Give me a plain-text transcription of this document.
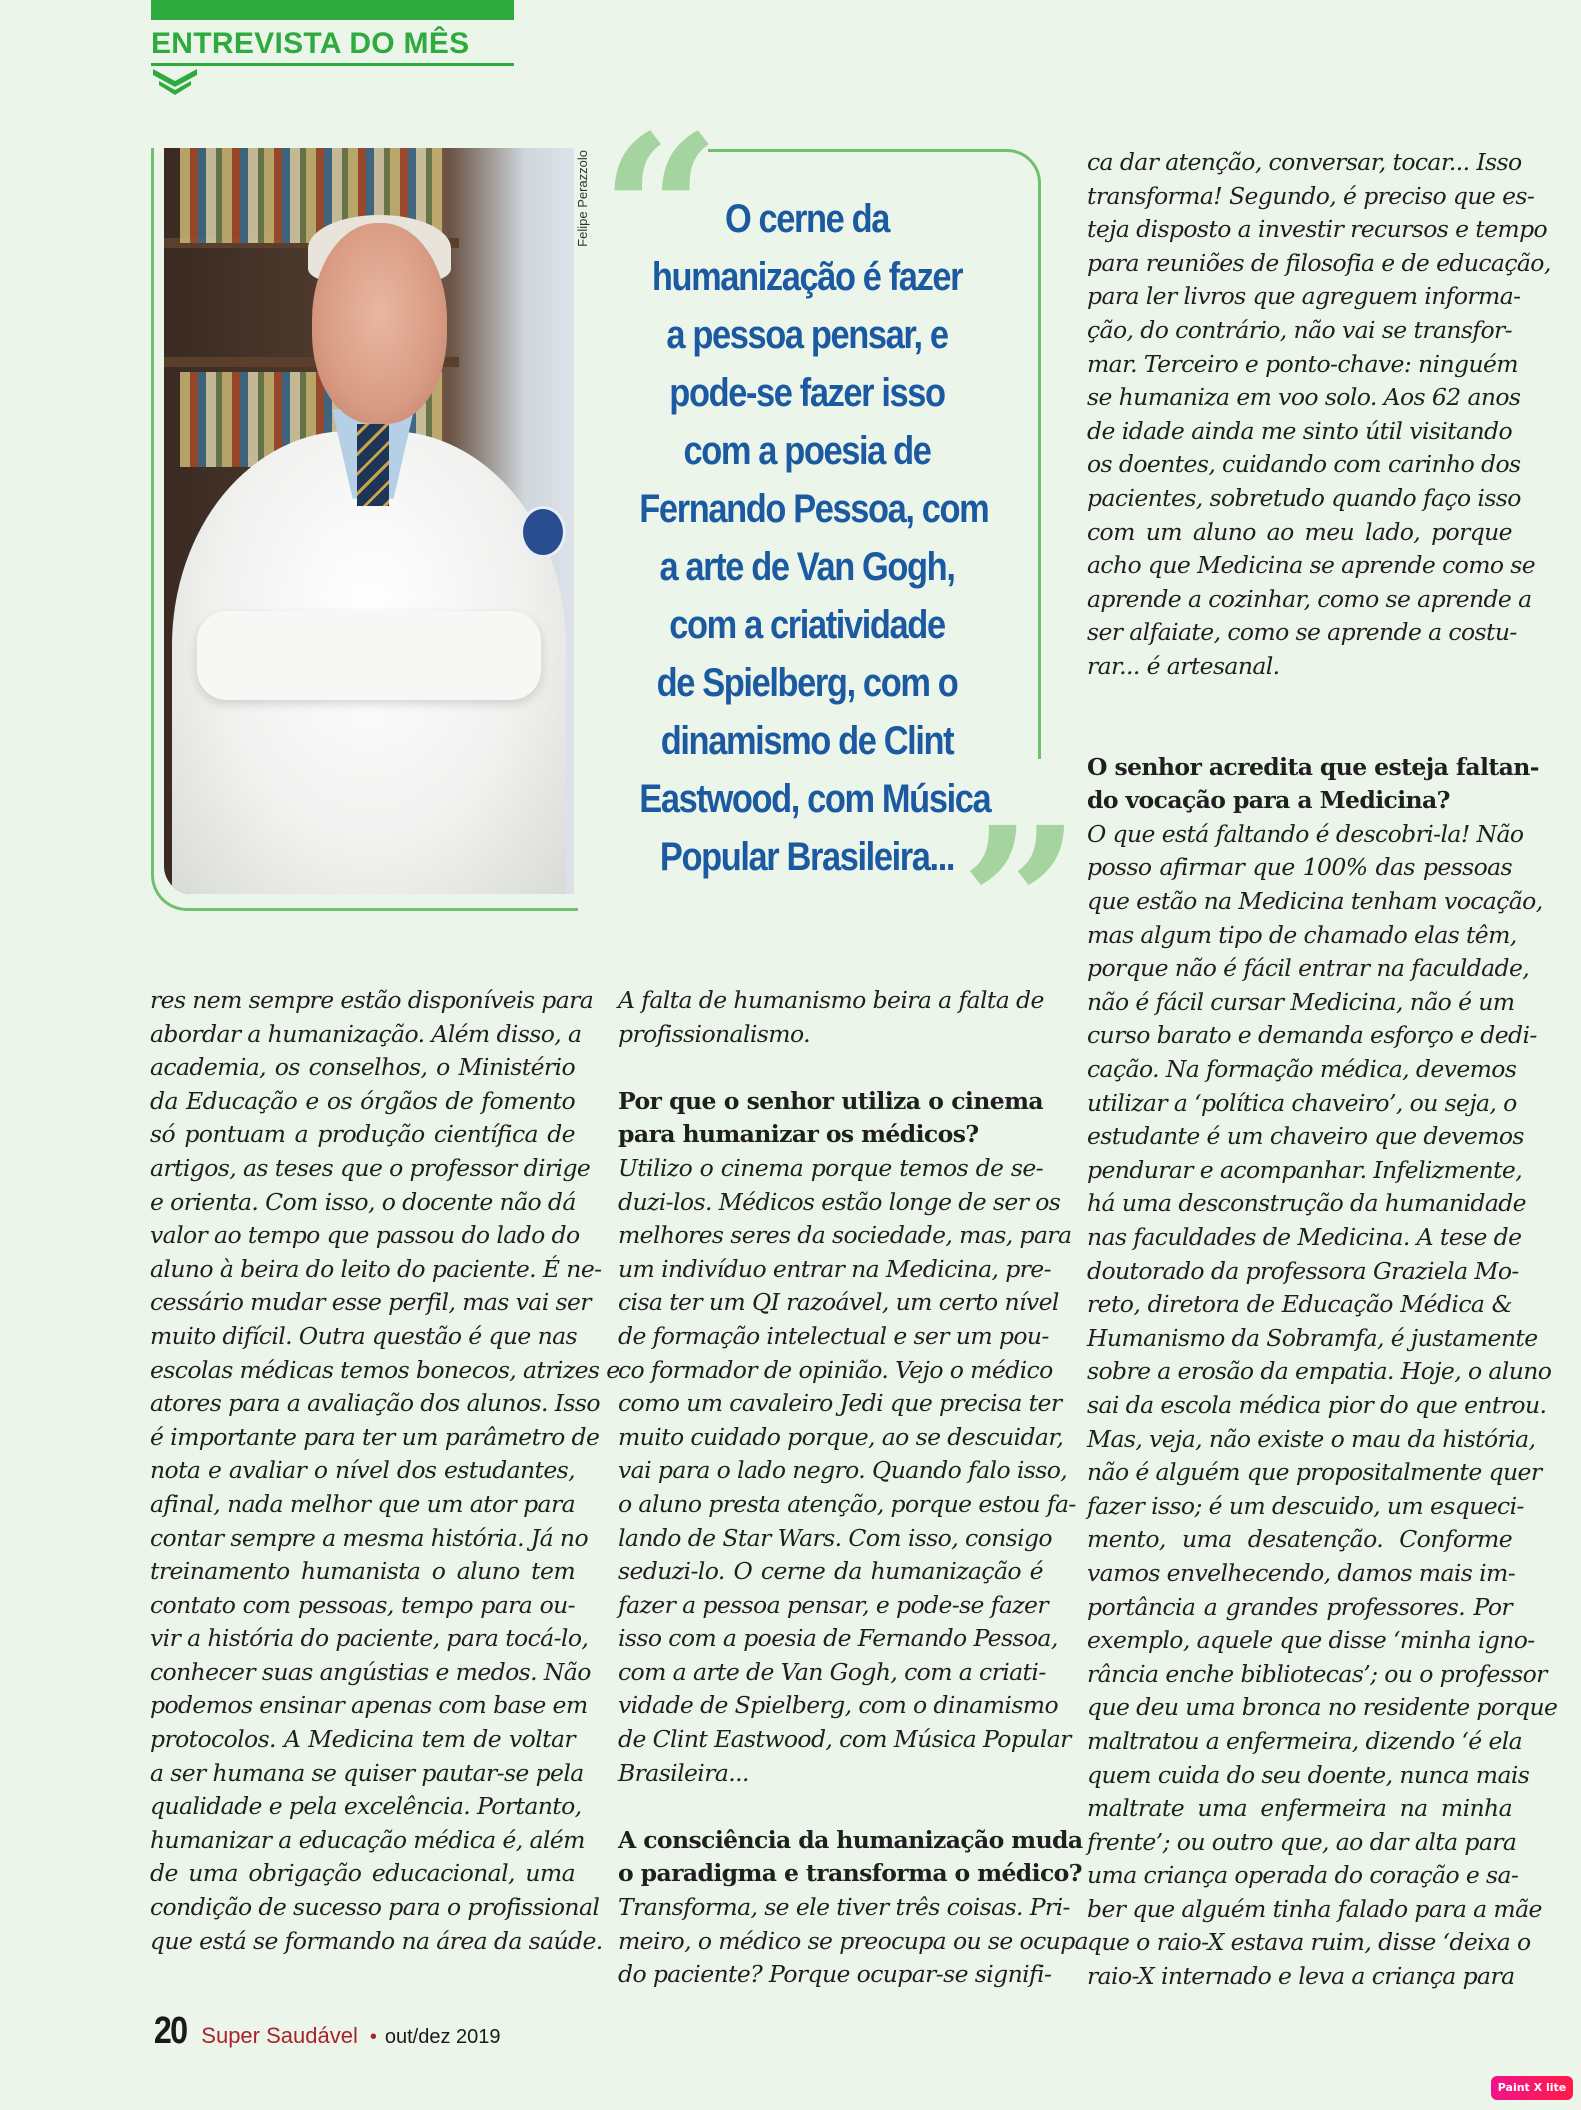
ENTREVISTA DO MÊS
Felipe Perazzolo “ O cerne da
humanização é fazer
a pessoa pensar, e
pode-se fazer isso
com a poesia de
Fernando Pessoa, com
a arte de Van Gogh,
com a criatividade
de Spielberg, com o
dinamismo de Clint
Eastwood, com Música
Popular Brasileira... ”
res nem sempre estão disponíveis para
abordar a humanização. Além disso, a
academia, os conselhos, o Ministério
da Educação e os órgãos de fomento
só pontuam a produção científica de
artigos, as teses que o professor dirige
e orienta. Com isso, o docente não dá
valor ao tempo que passou do lado do
aluno à beira do leito do paciente. É ne-
cessário mudar esse perfil, mas vai ser
muito difícil. Outra questão é que nas
escolas médicas temos bonecos, atrizes e
atores para a avaliação dos alunos. Isso
é importante para ter um parâmetro de
nota e avaliar o nível dos estudantes,
afinal, nada melhor que um ator para
contar sempre a mesma história. Já no
treinamento humanista o aluno tem
contato com pessoas, tempo para ou-
vir a história do paciente, para tocá-lo,
conhecer suas angústias e medos. Não
podemos ensinar apenas com base em
protocolos. A Medicina tem de voltar
a ser humana se quiser pautar-se pela
qualidade e pela excelência. Portanto,
humanizar a educação médica é, além
de uma obrigação educacional, uma
condição de sucesso para o profissional
que está se formando na área da saúde.
A falta de humanismo beira a falta de
profissionalismo.
Por que o senhor utiliza o cinema
para humanizar os médicos?
Utilizo o cinema porque temos de se-
duzi-los. Médicos estão longe de ser os
melhores seres da sociedade, mas, para
um indivíduo entrar na Medicina, pre-
cisa ter um QI razoável, um certo nível
de formação intelectual e ser um pou-
co formador de opinião. Vejo o médico
como um cavaleiro Jedi que precisa ter
muito cuidado porque, ao se descuidar,
vai para o lado negro. Quando falo isso,
o aluno presta atenção, porque estou fa-
lando de Star Wars. Com isso, consigo
seduzi-lo. O cerne da humanização é
fazer a pessoa pensar, e pode-se fazer
isso com a poesia de Fernando Pessoa,
com a arte de Van Gogh, com a criati-
vidade de Spielberg, com o dinamismo
de Clint Eastwood, com Música Popular
Brasileira...
A consciência da humanização muda
o paradigma e transforma o médico?
Transforma, se ele tiver três coisas. Pri-
meiro, o médico se preocupa ou se ocupa
do paciente? Porque ocupar-se signifi-
ca dar atenção, conversar, tocar... Isso
transforma! Segundo, é preciso que es-
teja disposto a investir recursos e tempo
para reuniões de filosofia e de educação,
para ler livros que agreguem informa-
ção, do contrário, não vai se transfor-
mar. Terceiro e ponto-chave: ninguém
se humaniza em voo solo. Aos 62 anos
de idade ainda me sinto útil visitando
os doentes, cuidando com carinho dos
pacientes, sobretudo quando faço isso
com um aluno ao meu lado, porque
acho que Medicina se aprende como se
aprende a cozinhar, como se aprende a
ser alfaiate, como se aprende a costu-
rar... é artesanal.
O senhor acredita que esteja faltan-
do vocação para a Medicina?
O que está faltando é descobri-la! Não
posso afirmar que 100% das pessoas
que estão na Medicina tenham vocação,
mas algum tipo de chamado elas têm,
porque não é fácil entrar na faculdade,
não é fácil cursar Medicina, não é um
curso barato e demanda esforço e dedi-
cação. Na formação médica, devemos
utilizar a ‘política chaveiro’, ou seja, o
estudante é um chaveiro que devemos
pendurar e acompanhar. Infelizmente,
há uma desconstrução da humanidade
nas faculdades de Medicina. A tese de
doutorado da professora Graziela Mo-
reto, diretora de Educação Médica &
Humanismo da Sobramfa, é justamente
sobre a erosão da empatia. Hoje, o aluno
sai da escola médica pior do que entrou.
Mas, veja, não existe o mau da história,
não é alguém que propositalmente quer
fazer isso; é um descuido, um esqueci-
mento, uma desatenção. Conforme
vamos envelhecendo, damos mais im-
portância a grandes professores. Por
exemplo, aquele que disse ‘minha igno-
rância enche bibliotecas’; ou o professor
que deu uma bronca no residente porque
maltratou a enfermeira, dizendo ‘é ela
quem cuida do seu doente, nunca mais
maltrate uma enfermeira na minha
frente’; ou outro que, ao dar alta para
uma criança operada do coração e sa-
ber que alguém tinha falado para a mãe
que o raio-X estava ruim, disse ‘deixa o
raio-X internado e leva a criança para
20 Super Saudável • out/dez 2019
Paint X lite
